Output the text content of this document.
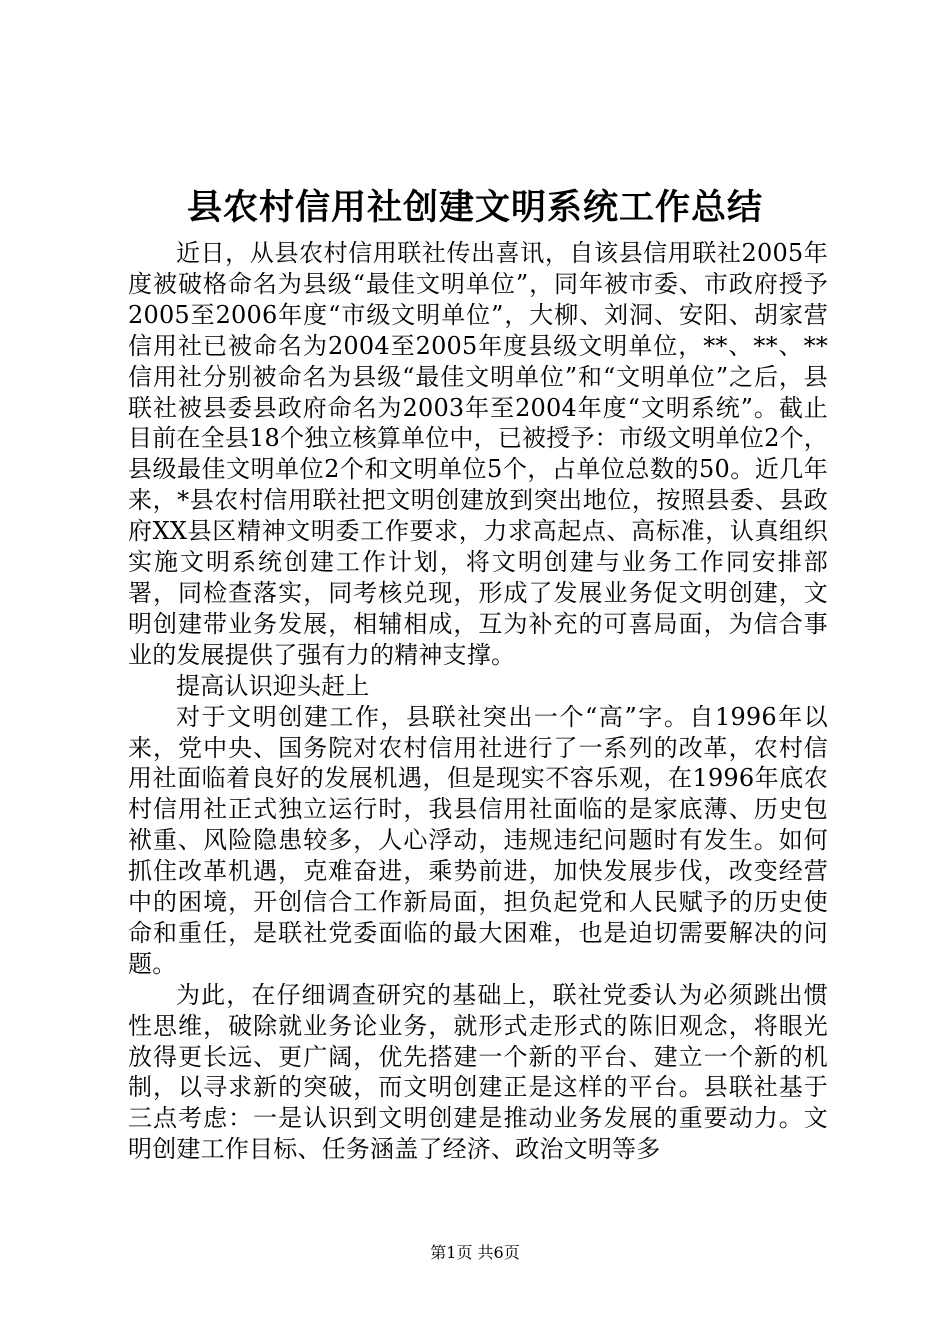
县农村信用社创建文明系统工作总结

近日，从县农村信用联社传出喜讯，自该县信用联社2005年度被破格命名为县级“最佳文明单位”，同年被市委、市政府授予2005至2006年度“市级文明单位”，大柳、刘洞、安阳、胡家营信用社已被命名为2004至2005年度县级文明单位，**、**、**信用社分别被命名为县级“最佳文明单位”和“文明单位”之后，县联社被县委县政府命名为2003年至2004年度“文明系统”。截止目前在全县18个独立核算单位中，已被授予：市级文明单位2个，县级最佳文明单位2个和文明单位5个，占单位总数的50。近几年来，*县农村信用联社把文明创建放到突出地位，按照县委、县政府XX县区精神文明委工作要求，力求高起点、高标准，认真组织实施文明系统创建工作计划，将文明创建与业务工作同安排部署，同检查落实，同考核兑现，形成了发展业务促文明创建，文明创建带业务发展，相辅相成，互为补充的可喜局面，为信合事业的发展提供了强有力的精神支撑。

提高认识迎头赶上

对于文明创建工作，县联社突出一个“高”字。自1996年以来，党中央、国务院对农村信用社进行了一系列的改革，农村信用社面临着良好的发展机遇，但是现实不容乐观，在1996年底农村信用社正式独立运行时，我县信用社面临的是家底薄、历史包袱重、风险隐患较多，人心浮动，违规违纪问题时有发生。如何抓住改革机遇，克难奋进，乘势前进，加快发展步伐，改变经营中的困境，开创信合工作新局面，担负起党和人民赋予的历史使命和重任，是联社党委面临的最大困难，也是迫切需要解决的问题。

为此，在仔细调查研究的基础上，联社党委认为必须跳出惯性思维，破除就业务论业务，就形式走形式的陈旧观念，将眼光放得更长远、更广阔，优先搭建一个新的平台、建立一个新的机制，以寻求新的突破，而文明创建正是这样的平台。县联社基于三点考虑：一是认识到文明创建是推动业务发展的重要动力。文明创建工作目标、任务涵盖了经济、政治文明等多

第1页 共6页
